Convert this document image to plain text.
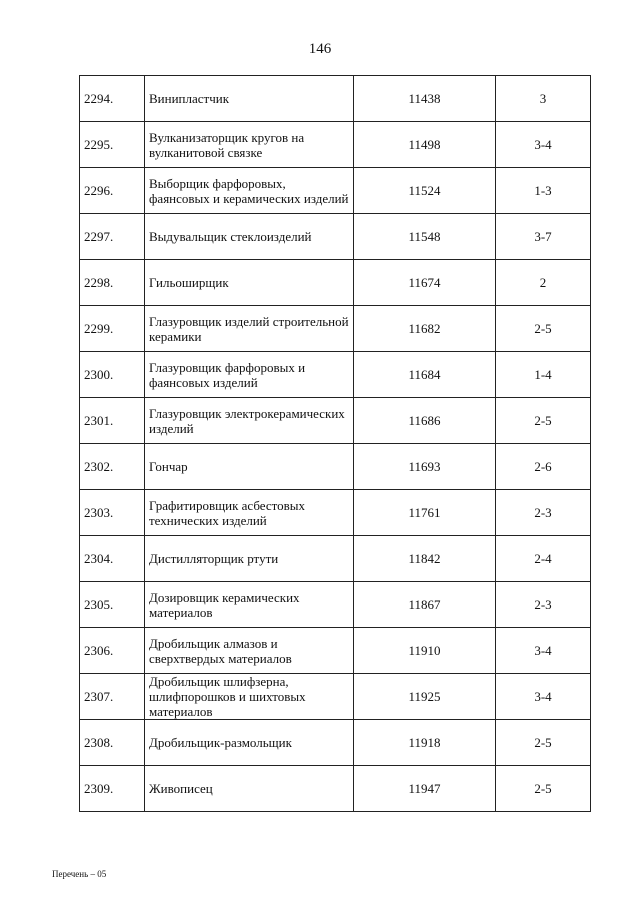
146
2294.	Винипластчик	11438	3
2295.	Вулканизаторщик кругов на вулканитовой связке	11498	3-4
2296.	Выборщик фарфоровых, фаянсовых и керамических изделий	11524	1-3
2297.	Выдувальщик стеклоизделий	11548	3-7
2298.	Гильоширщик	11674	2
2299.	Глазуровщик изделий строительной керамики	11682	2-5
2300.	Глазуровщик фарфоровых и фаянсовых изделий	11684	1-4
2301.	Глазуровщик электрокерамических изделий	11686	2-5
2302.	Гончар	11693	2-6
2303.	Графитировщик асбестовых технических изделий	11761	2-3
2304.	Дистилляторщик ртути	11842	2-4
2305.	Дозировщик керамических материалов	11867	2-3
2306.	Дробильщик алмазов и сверхтвердых материалов	11910	3-4
2307.	Дробильщик шлифзерна, шлифпорошков и шихтовых материалов	11925	3-4
2308.	Дробильщик-размольщик	11918	2-5
2309.	Живописец	11947	2-5
Перечень – 05
